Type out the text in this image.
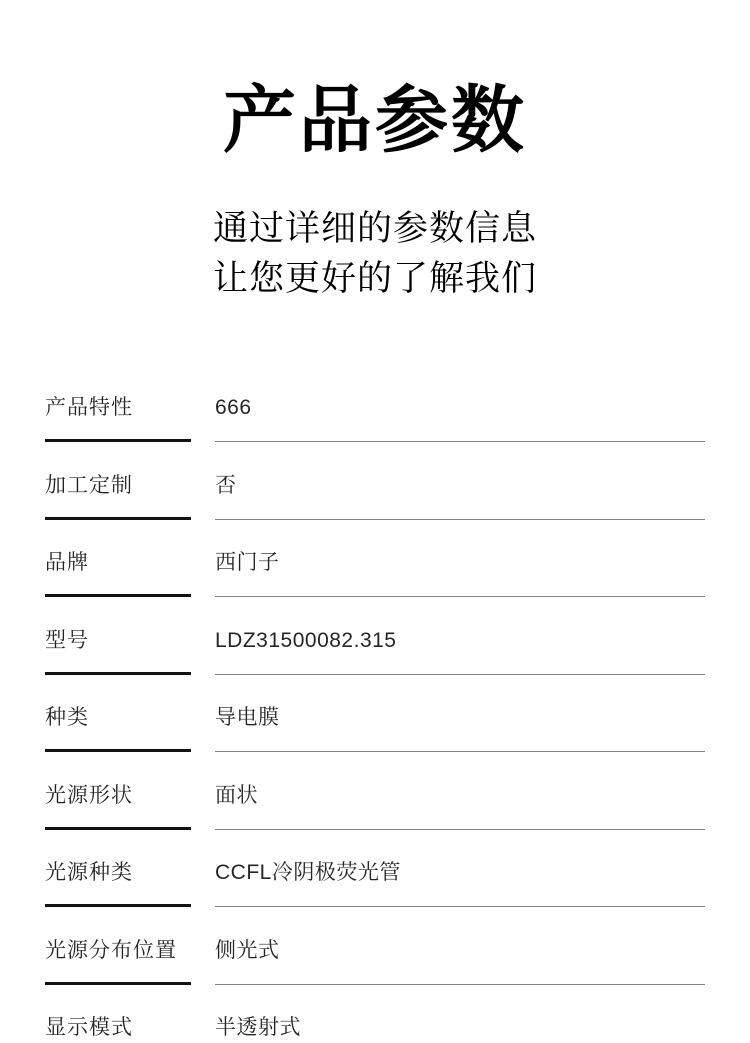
产品参数
通过详细的参数信息
让您更好的了解我们
产品特性	666
加工定制	否
品牌	西门子
型号	LDZ31500082.315
种类	导电膜
光源形状	面状
光源种类	CCFL冷阴极荧光管
光源分布位置	侧光式
显示模式	半透射式
